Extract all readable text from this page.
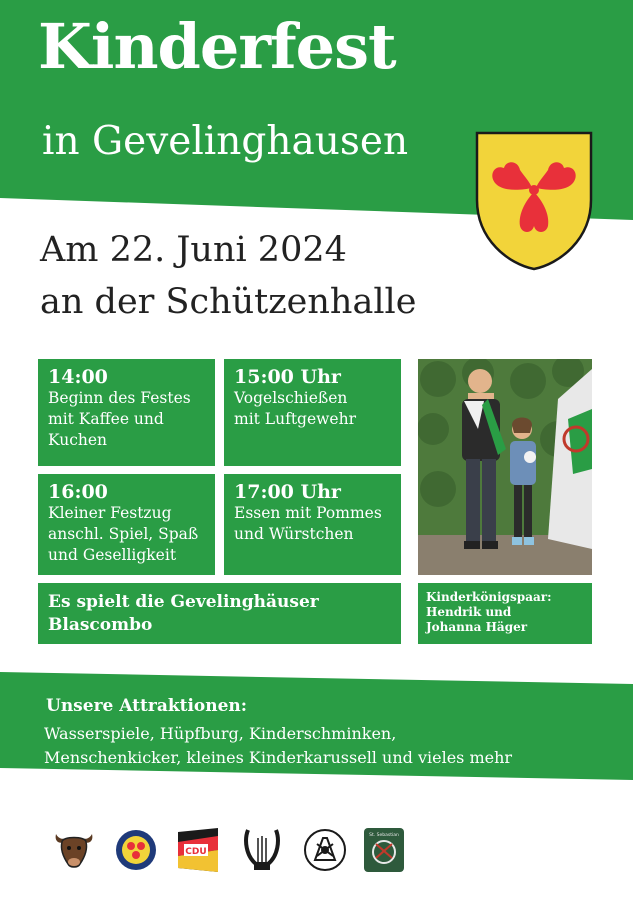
Kinderfest
in Gevelinghausen
Am 22. Juni 2024
an der Schützenhalle
14:00
Beginn des Festes
mit Kaffee und
Kuchen
15:00 Uhr
Vogelschießen
mit Luftgewehr
16:00
Kleiner Festzug
anschl. Spiel, Spaß
und Geselligkeit
17:00 Uhr
Essen mit Pommes
und Würstchen
Es spielt die Gevelinghäuser
Blascombo
Kinderkönigspaar:
Hendrik und
Johanna Häger
Unsere Attraktionen:
Wasserspiele, Hüpfburg, Kinderschminken,
Menschenkicker, kleines Kinderkarussell und vieles mehr
CDU
St. Sebastian
